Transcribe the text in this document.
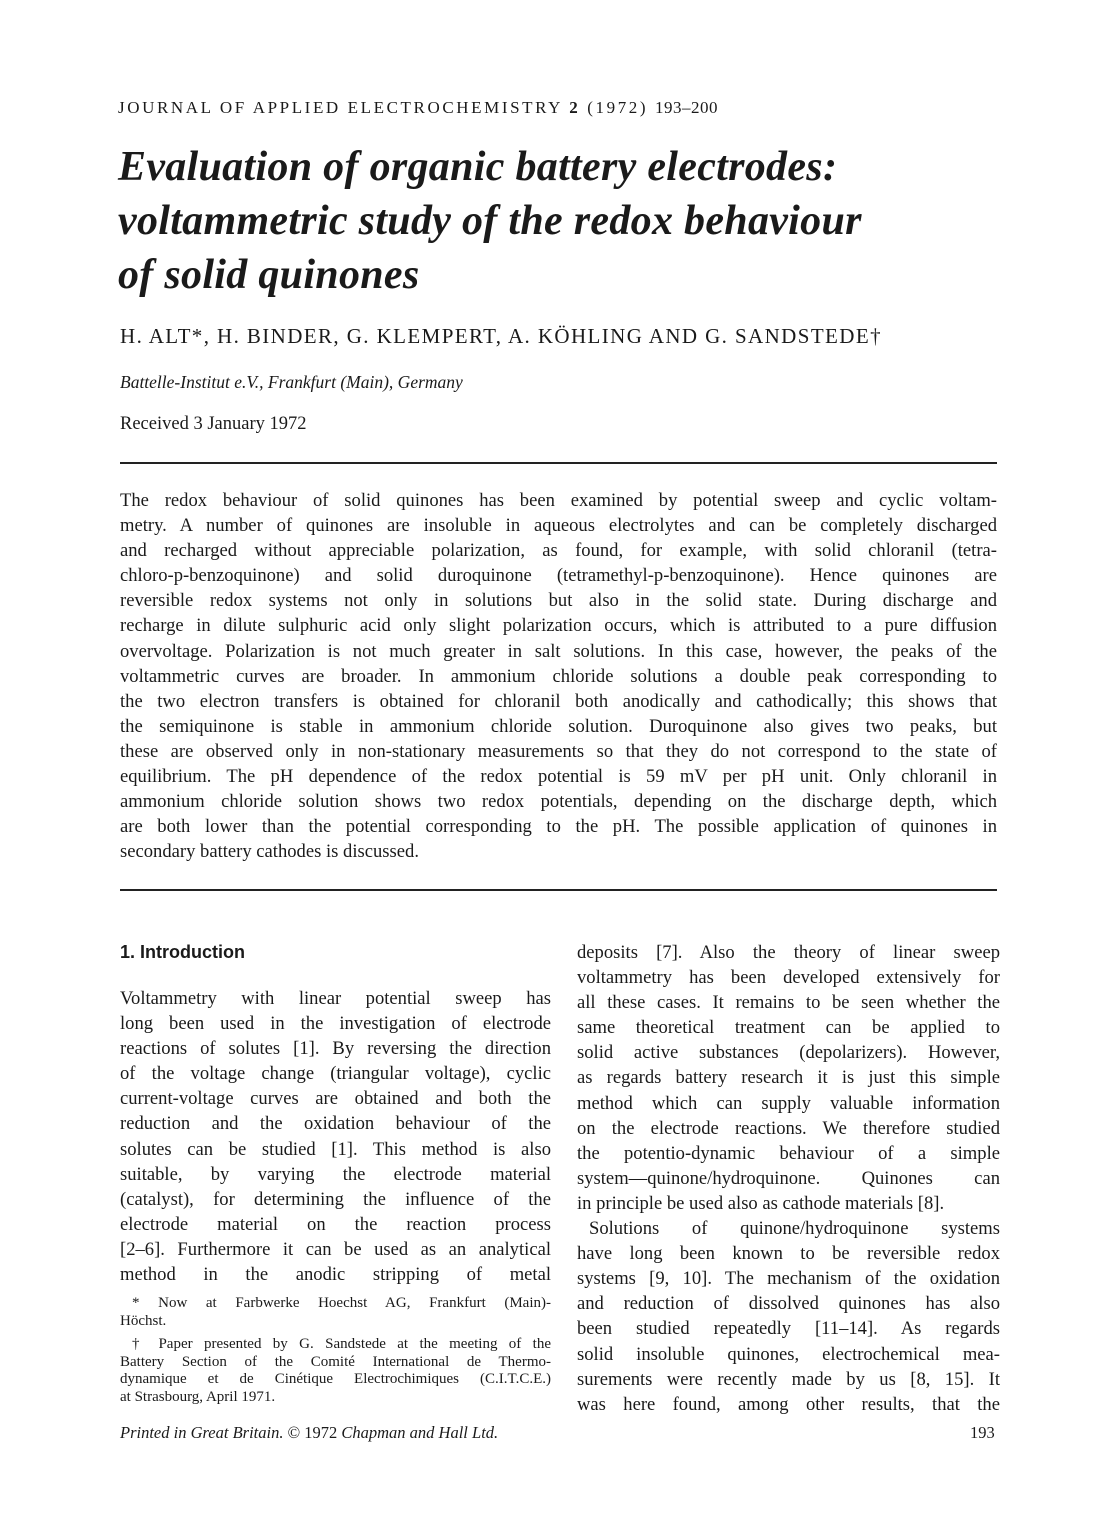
JOURNAL OF APPLIED ELECTROCHEMISTRY 2 (1972) 193–200
Evaluation of organic battery electrodes:
voltammetric study of the redox behaviour
of solid quinones
H. ALT*, H. BINDER, G. KLEMPERT, A. KÖHLING AND G. SANDSTEDE†
Battelle-Institut e.V., Frankfurt (Main), Germany
Received 3 January 1972
The redox behaviour of solid quinones has been examined by potential sweep and cyclic voltam-
metry. A number of quinones are insoluble in aqueous electrolytes and can be completely discharged
and recharged without appreciable polarization, as found, for example, with solid chloranil (tetra-
chloro-p-benzoquinone) and solid duroquinone (tetramethyl-p-benzoquinone). Hence quinones are
reversible redox systems not only in solutions but also in the solid state. During discharge and
recharge in dilute sulphuric acid only slight polarization occurs, which is attributed to a pure diffusion
overvoltage. Polarization is not much greater in salt solutions. In this case, however, the peaks of the
voltammetric curves are broader. In ammonium chloride solutions a double peak corresponding to
the two electron transfers is obtained for chloranil both anodically and cathodically; this shows that
the semiquinone is stable in ammonium chloride solution. Duroquinone also gives two peaks, but
these are observed only in non-stationary measurements so that they do not correspond to the state of
equilibrium. The pH dependence of the redox potential is 59 mV per pH unit. Only chloranil in
ammonium chloride solution shows two redox potentials, depending on the discharge depth, which
are both lower than the potential corresponding to the pH. The possible application of quinones in
secondary battery cathodes is discussed.
1. Introduction

Voltammetry with linear potential sweep has
long been used in the investigation of electrode
reactions of solutes [1]. By reversing the direction
of the voltage change (triangular voltage), cyclic
current-voltage curves are obtained and both the
reduction and the oxidation behaviour of the
solutes can be studied [1]. This method is also
suitable, by varying the electrode material
(catalyst), for determining the influence of the
electrode material on the reaction process
[2–6]. Furthermore it can be used as an analytical
method in the anodic stripping of metal

* Now at Farbwerke Hoechst AG, Frankfurt (Main)-
Höchst.
† Paper presented by G. Sandstede at the meeting of the
Battery Section of the Comité International de Thermo-
dynamique et de Cinétique Electrochimiques (C.I.T.C.E.)
at Strasbourg, April 1971.

deposits [7]. Also the theory of linear sweep
voltammetry has been developed extensively for
all these cases. It remains to be seen whether the
same theoretical treatment can be applied to
solid active substances (depolarizers). However,
as regards battery research it is just this simple
method which can supply valuable information
on the electrode reactions. We therefore studied
the potentio-dynamic behaviour of a simple
system—quinone/hydroquinone. Quinones can
in principle be used also as cathode materials [8].

Solutions of quinone/hydroquinone systems
have long been known to be reversible redox
systems [9, 10]. The mechanism of the oxidation
and reduction of dissolved quinones has also
been studied repeatedly [11–14]. As regards
solid insoluble quinones, electrochemical mea-
surements were recently made by us [8, 15]. It
was here found, among other results, that the

Printed in Great Britain. © 1972 Chapman and Hall Ltd.	193
